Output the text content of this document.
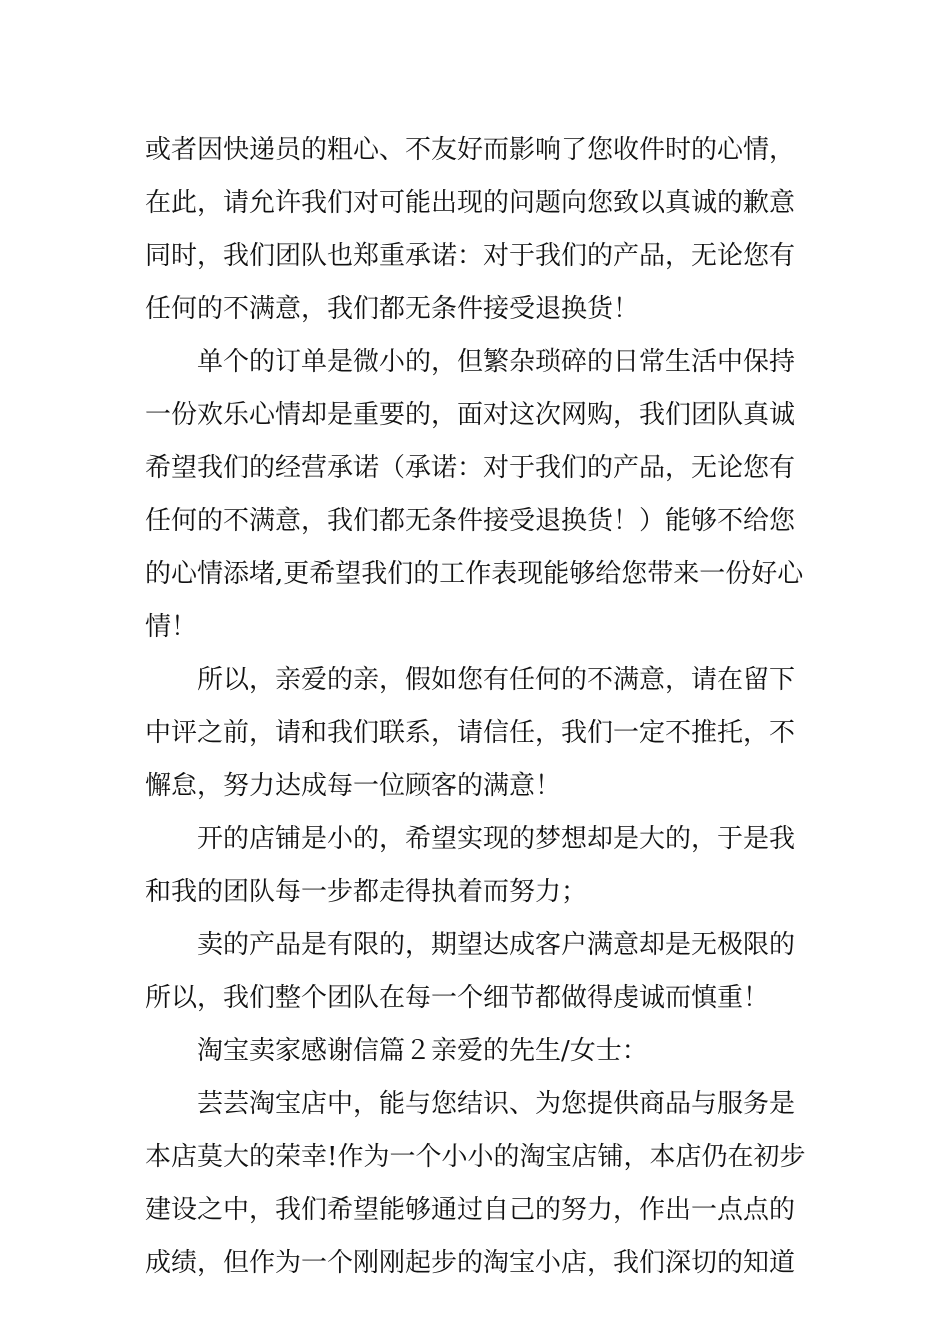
或者因快递员的粗心、不友好而影响了您收件时的心情，
在此，请允许我们对可能出现的问题向您致以真诚的歉意
同时，我们团队也郑重承诺：对于我们的产品，无论您有
任何的不满意，我们都无条件接受退换货！
单个的订单是微小的，但繁杂琐碎的日常生活中保持
一份欢乐心情却是重要的，面对这次网购，我们团队真诚
希望我们的经营承诺（承诺：对于我们的产品，无论您有
任何的不满意，我们都无条件接受退换货！）能够不给您
的心情添堵,更希望我们的工作表现能够给您带来一份好心
情！
所以，亲爱的亲，假如您有任何的不满意，请在留下
中评之前，请和我们联系，请信任，我们一定不推托，不
懈怠，努力达成每一位顾客的满意！
开的店铺是小的，希望实现的梦想却是大的，于是我
和我的团队每一步都走得执着而努力；
卖的产品是有限的，期望达成客户满意却是无极限的
所以，我们整个团队在每一个细节都做得虔诚而慎重！
淘宝卖家感谢信篇２亲爱的先生/女士：
芸芸淘宝店中，能与您结识、为您提供商品与服务是
本店莫大的荣幸!作为一个小小的淘宝店铺，本店仍在初步
建设之中，我们希望能够通过自己的努力，作出一点点的
成绩，但作为一个刚刚起步的淘宝小店，我们深切的知道
